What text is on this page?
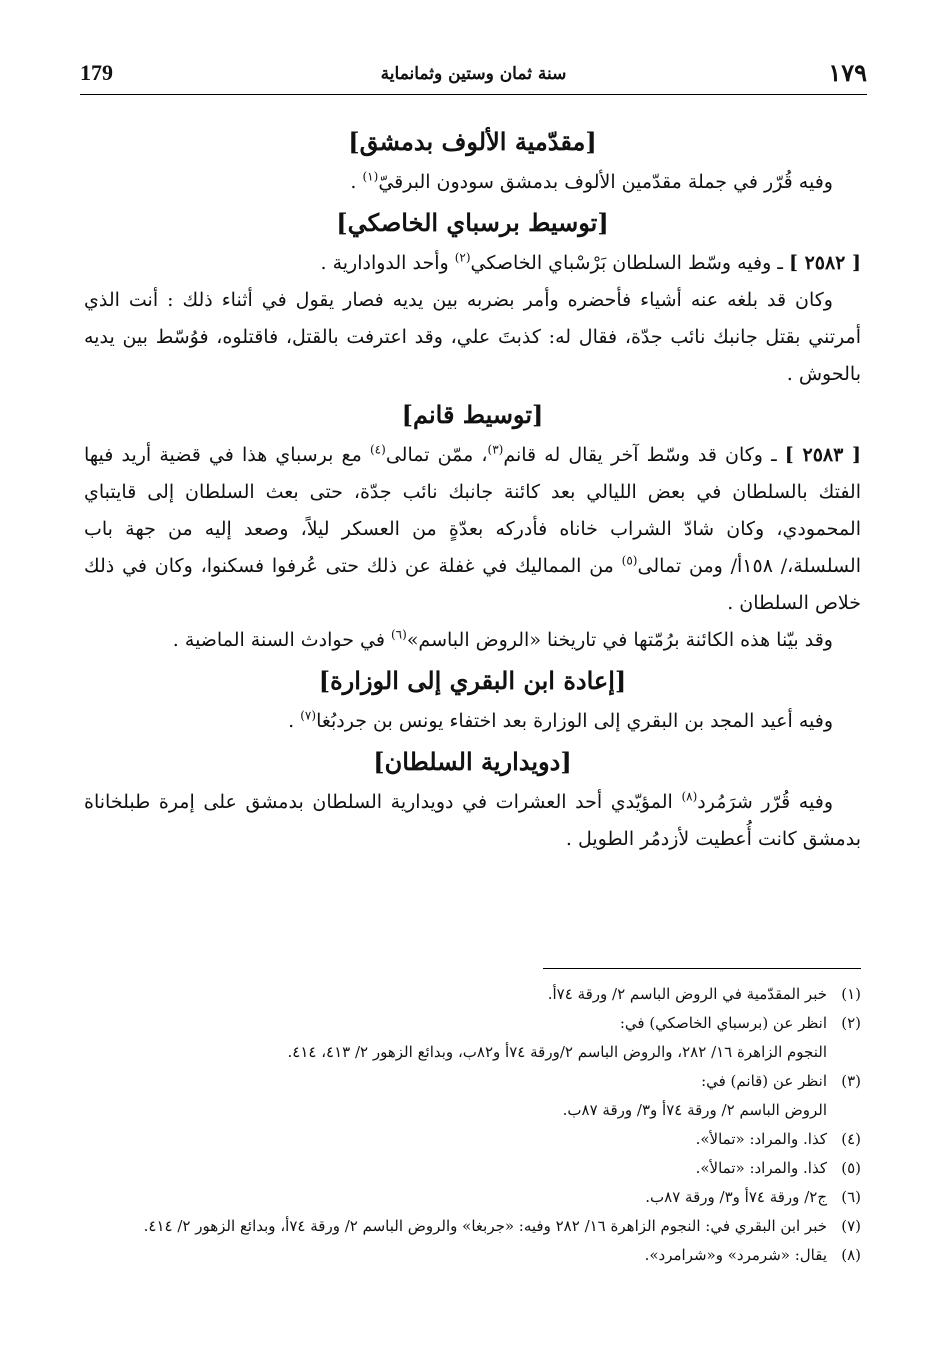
١٧٩
سنة ثمان وستين وثمانماية
179
[مقدّمية الألوف بدمشق]

وفيه قُرّر في جملة مقدّمين الألوف بدمشق سودون البرقيّ$^{(١)}$ .

[توسيط برسباي الخاصكي]

[ ٢٥٨٢ ] ـ وفيه وسّط السلطان بَرْسْباي الخاصكي$^{(٢)}$ وأحد الدوادارية .

وكان قد بلغه عنه أشياء فأحضره وأمر بضربه بين يديه فصار يقول في أثناء ذلك : أنت الذي أمرتني بقتل جانبك نائب جدّة، فقال له: كذبتَ علي، وقد اعترفت بالقتل، فاقتلوه، فوُسّط بين يديه بالحوش .

[توسيط قانم]

[ ٢٥٨٣ ] ـ وكان قد وسّط آخر يقال له قانم$^{(٣)}$، ممّن تمالى$^{(٤)}$ مع برسباي هذا في قضية أريد فيها الفتك بالسلطان في بعض الليالي بعد كائنة جانبك نائب جدّة، حتى بعث السلطان إلى قايتباي المحمودي، وكان شادّ الشراب خاناه فأدركه بعدّةٍ من العسكر ليلاً، وصعد إليه من جهة باب السلسلة،/ ١٥٨أ/ ومن تمالى$^{(٥)}$ من المماليك في غفلة عن ذلك حتى عُرفوا فسكنوا، وكان في ذلك خلاص السلطان .

وقد بيّنا هذه الكائنة برُمّتها في تاريخنا «الروض الباسم»$^{(٦)}$ في حوادث السنة الماضية .

[إعادة ابن البقري إلى الوزارة]

وفيه أعيد المجد بن البقري إلى الوزارة بعد اختفاء يونس بن جردبُغا$^{(٧)}$ .

[دويدارية السلطان]

وفيه قُرّر شرَمُرد$^{(٨)}$ المؤيّدي أحد العشرات في دويدارية السلطان بدمشق على إمرة طبلخاناة بدمشق كانت أُعطيت لأزدمُر الطويل .

(١)
خبر المقدّمية في الروض الباسم ٢/ ورقة ٧٤أ.
(٢)
انظر عن (برسباي الخاصكي) في:
النجوم الزاهرة ١٦/ ٢٨٢، والروض الباسم ٢/ورقة ٧٤أ و٨٢ب، وبدائع الزهور ٢/ ٤١٣، ٤١٤.
(٣)
انظر عن (قانم) في:
الروض الباسم ٢/ ورقة ٧٤أ و٣/ ورقة ٨٧ب.
(٤)
كذا. والمراد: «تمالأ».
(٥)
كذا. والمراد: «تمالأ».
(٦)
ج٢/ ورقة ٧٤أ و٣/ ورقة ٨٧ب.
(٧)
خبر ابن البقري في: النجوم الزاهرة ١٦/ ٢٨٢ وفيه: «جربغا» والروض الباسم ٢/ ورقة ٧٤أ، وبدائع الزهور ٢/ ٤١٤.
(٨)
يقال: «شرمرد» و«شرامرد».
